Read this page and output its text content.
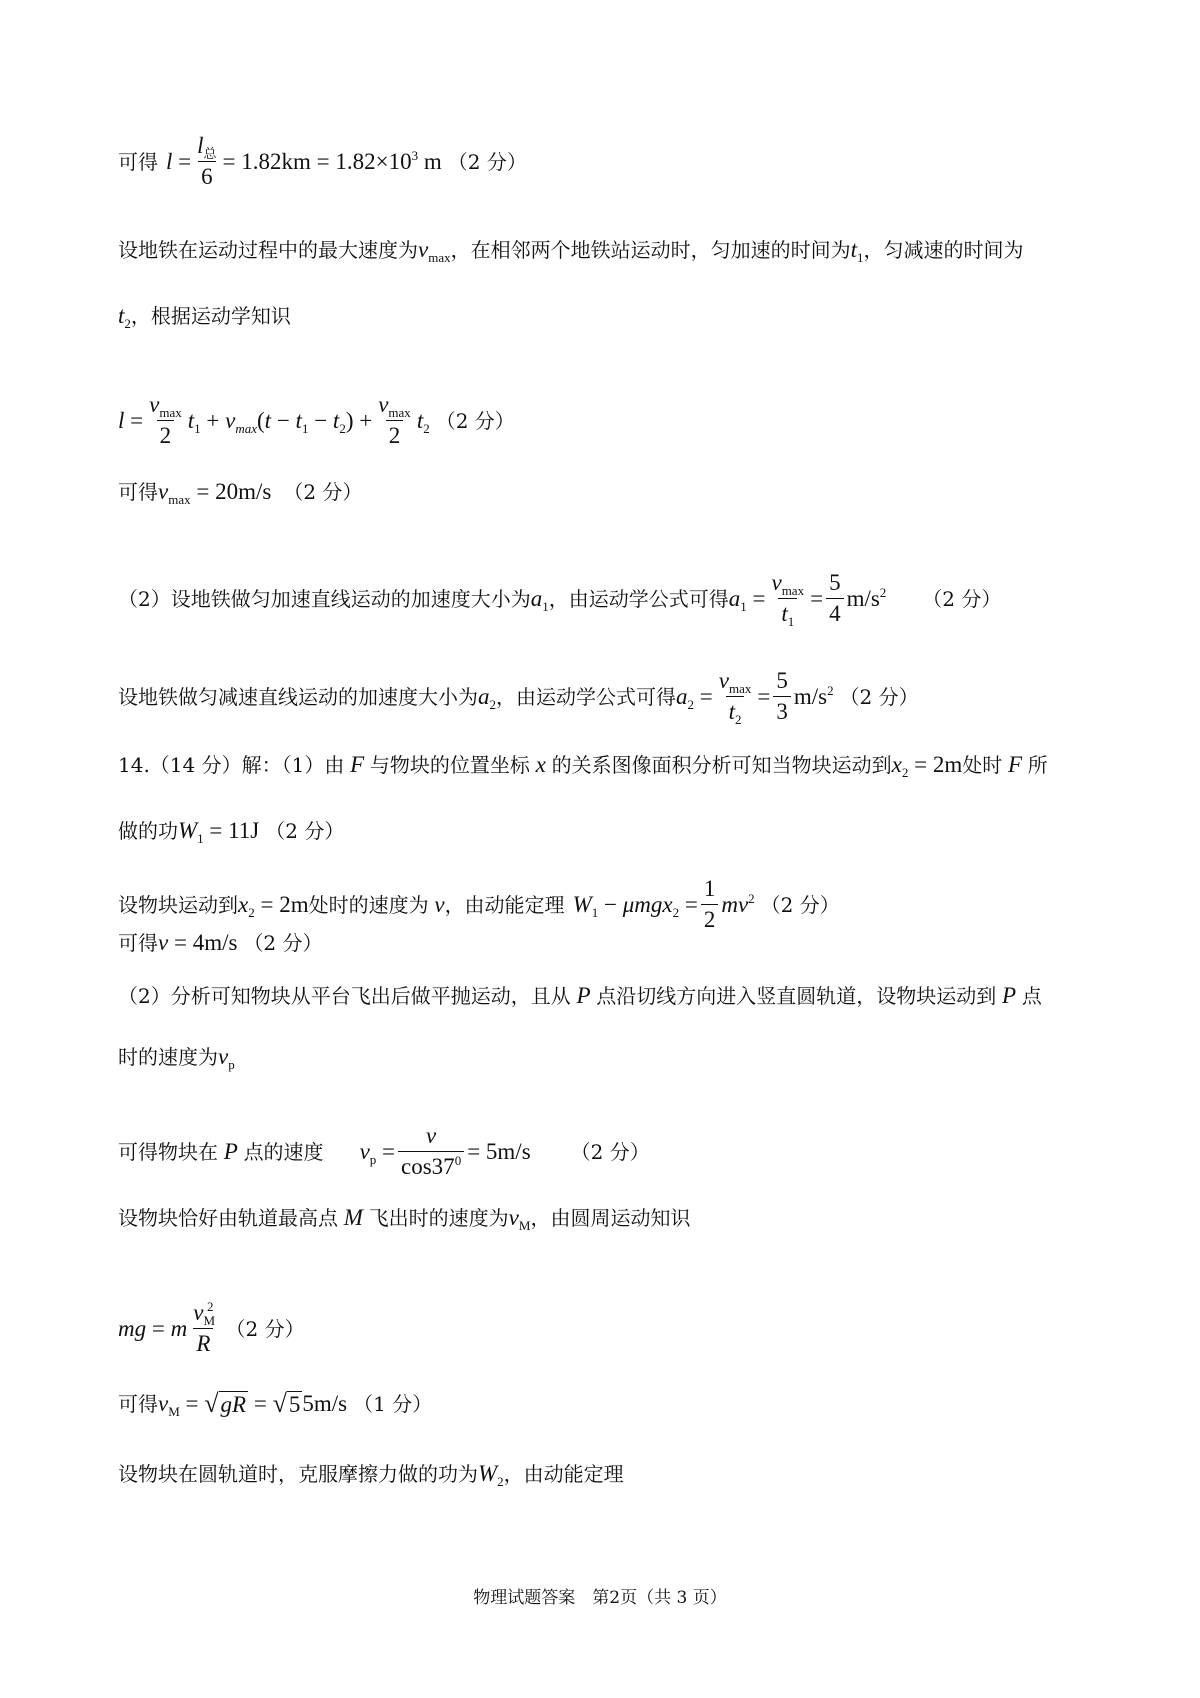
可得 $l = \frac{l_总}{6} = 1.82km = 1.82 \times 10^3$ m （2 分）
设地铁在运动过程中的最大速度为 $v_{max}$ ，在相邻两个地铁站运动时，匀加速的时间为 $t_1$ ，匀减速的时间为
$t_2$ ，根据运动学知识
$l = \frac{v_{max}}{2} t_1 + v_{max}(t - t_1 - t_2) + \frac{v_{max}}{2} t_2$ （2 分）
可得 $v_{max} = 20m/s$ （2 分）
（2）设地铁做匀加速直线运动的加速度大小为 $a_1$ ，由运动学公式可得 $a_1 = \frac{v_{max}}{t_1} = \frac{5}{4} m/s$ $^2$ （2 分）
设地铁做匀减速直线运动的加速度大小为 $a_2$ ，由运动学公式可得 $a_2 = \frac{v_{max}}{t_2} = \frac{5}{3} m/s$ $^2$ （2 分）
14.（14 分）解：（1）由 F 与物块的位置坐标 x 的关系图像面积分析可知当物块运动到 $x_2 = 2m$ 处时 F 所
做的功 $W_1 = 11J$ （2 分）
设物块运动到 $x_2 = 2m$ 处时的速度为 v ，由动能定理 $W_1 - \mu mgx_2 = \frac{1}{2} mv^2$ （2 分）
可得 v = 4m/s （2 分）
（2）分析可知物块从平台飞出后做平抛运动，且从 P 点沿切线方向进入竖直圆轨道，设物块运动到 P 点
时的速度为 $v_p$
可得物块在 P 点的速度 $v_p = \frac{v}{\cos 37^0} = 5m/s$ （2 分）
设物块恰好由轨道最高点 M 飞出时的速度为 $v_M$ ，由圆周运动知识
mg = m $\frac{v_M^2}{R} (2$ 分）
可得 $v_M$ = √ gR = √ 5 5m/s （1 分）
设物块在圆轨道时，克服摩擦力做的功为 $W_2$ ，由动能定理
物理试题答案　第2页（共 3 页）
